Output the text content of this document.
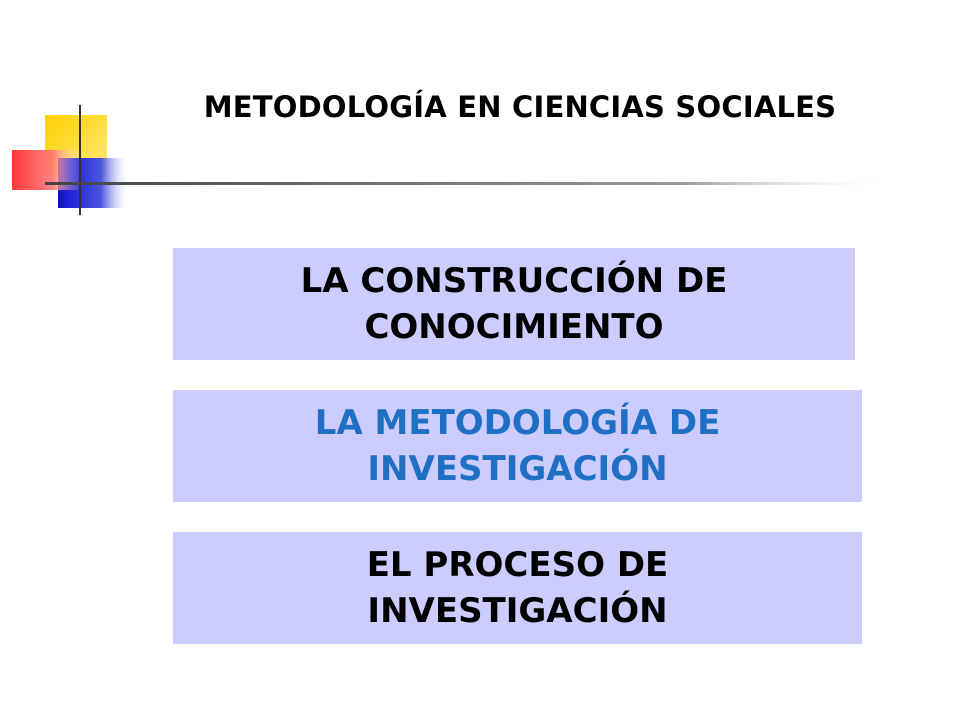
METODOLOGÍA EN CIENCIAS SOCIALES
LA CONSTRUCCIÓN DE
CONOCIMIENTO
LA METODOLOGÍA DE
INVESTIGACIÓN
EL PROCESO DE
INVESTIGACIÓN
